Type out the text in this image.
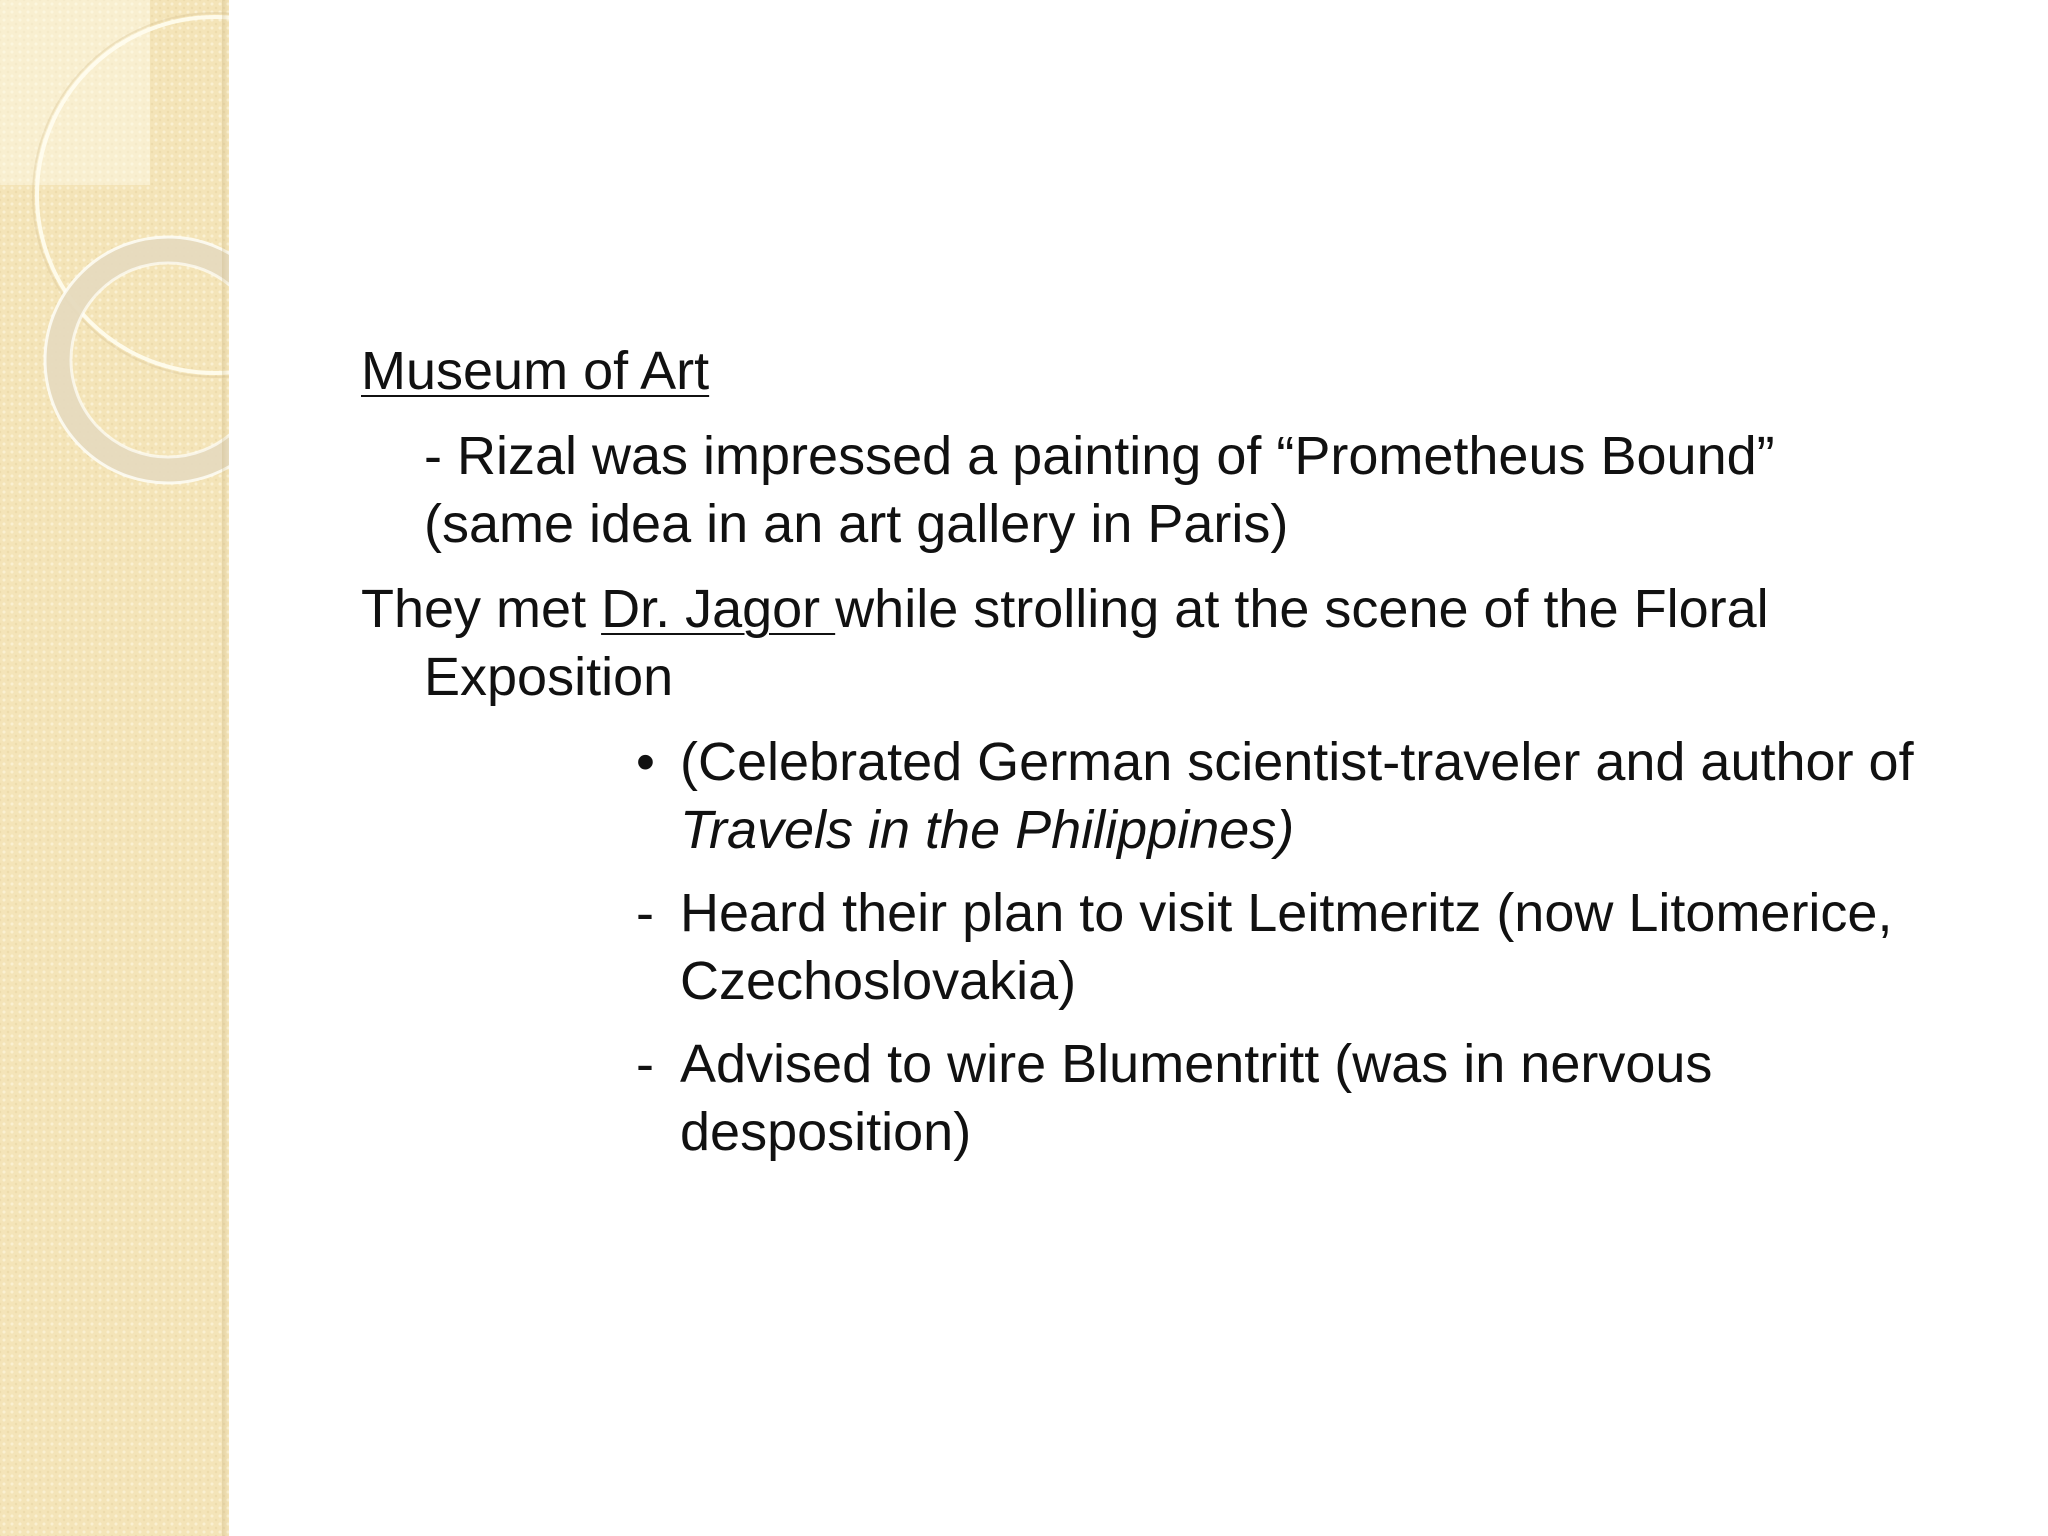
Museum of Art

- Rizal was impressed a painting of “Prometheus Bound”

(same idea in an art gallery in Paris)

They met Dr. Jagor while strolling at the scene of the Floral

Exposition

• (Celebrated German scientist-traveler and author of

Travels in the Philippines)

- Heard their plan to visit Leitmeritz (now Litomerice,

Czechoslovakia)

- Advised to wire Blumentritt (was in nervous

desposition)
